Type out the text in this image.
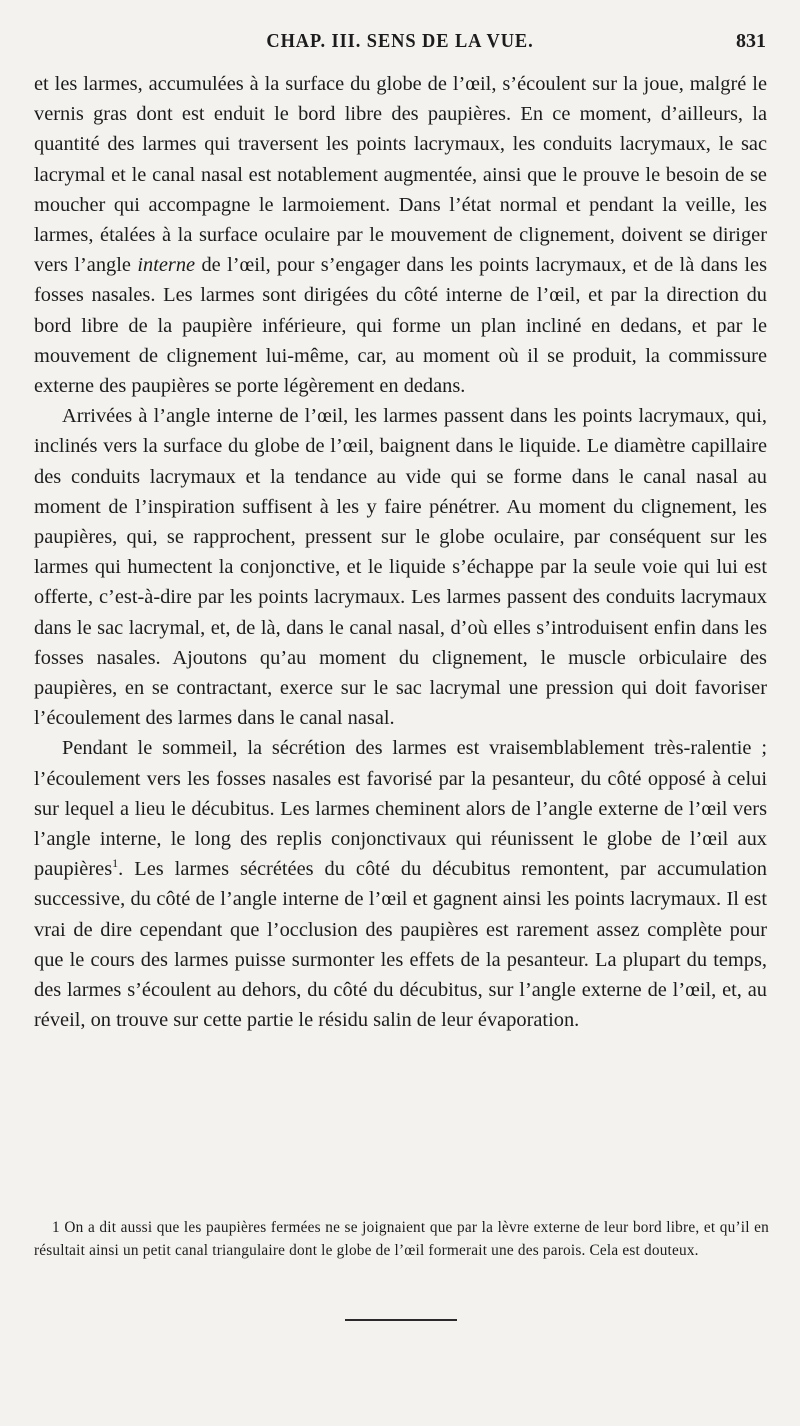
CHAP. III. SENS DE LA VUE.	831

et les larmes, accumulées à la surface du globe de l’œil, s’écoulent sur la joue, malgré le vernis gras dont est enduit le bord libre des paupières. En ce moment, d’ailleurs, la quantité des larmes qui traversent les points lacrymaux, les conduits lacrymaux, le sac lacrymal et le canal nasal est notablement augmentée, ainsi que le prouve le besoin de se moucher qui accompagne le larmoiement. Dans l’état normal et pendant la veille, les larmes, étalées à la surface oculaire par le mouvement de clignement, doivent se diriger vers l’angle interne de l’œil, pour s’engager dans les points lacrymaux, et de là dans les fosses nasales. Les larmes sont dirigées du côté interne de l’œil, et par la direction du bord libre de la paupière inférieure, qui forme un plan incliné en dedans, et par le mouvement de clignement lui-même, car, au moment où il se produit, la commissure externe des paupières se porte légèrement en dedans.

Arrivées à l’angle interne de l’œil, les larmes passent dans les points lacrymaux, qui, inclinés vers la surface du globe de l’œil, baignent dans le liquide. Le diamètre capillaire des conduits lacrymaux et la tendance au vide qui se forme dans le canal nasal au moment de l’inspiration suffisent à les y faire pénétrer. Au moment du clignement, les paupières, qui, se rapprochent, pressent sur le globe oculaire, par conséquent sur les larmes qui humectent la conjonctive, et le liquide s’échappe par la seule voie qui lui est offerte, c’est-à-dire par les points lacrymaux. Les larmes passent des conduits lacrymaux dans le sac lacrymal, et, de là, dans le canal nasal, d’où elles s’introduisent enfin dans les fosses nasales. Ajoutons qu’au moment du clignement, le muscle orbiculaire des paupières, en se contractant, exerce sur le sac lacrymal une pression qui doit favoriser l’écoulement des larmes dans le canal nasal.

Pendant le sommeil, la sécrétion des larmes est vraisemblablement très-ralentie ; l’écoulement vers les fosses nasales est favorisé par la pesanteur, du côté opposé à celui sur lequel a lieu le décubitus. Les larmes cheminent alors de l’angle externe de l’œil vers l’angle interne, le long des replis conjonctivaux qui réunissent le globe de l’œil aux paupières$^1$. Les larmes sécrétées du côté du décubitus remontent, par accumulation successive, du côté de l’angle interne de l’œil et gagnent ainsi les points lacrymaux. Il est vrai de dire cependant que l’occlusion des paupières est rarement assez complète pour que le cours des larmes puisse surmonter les effets de la pesanteur. La plupart du temps, des larmes s’écoulent au dehors, du côté du décubitus, sur l’angle externe de l’œil, et, au réveil, on trouve sur cette partie le résidu salin de leur évaporation.

1 On a dit aussi que les paupières fermées ne se joignaient que par la lèvre externe de leur bord libre, et qu’il en résultait ainsi un petit canal triangulaire dont le globe de l’œil formerait une des parois. Cela est douteux.
